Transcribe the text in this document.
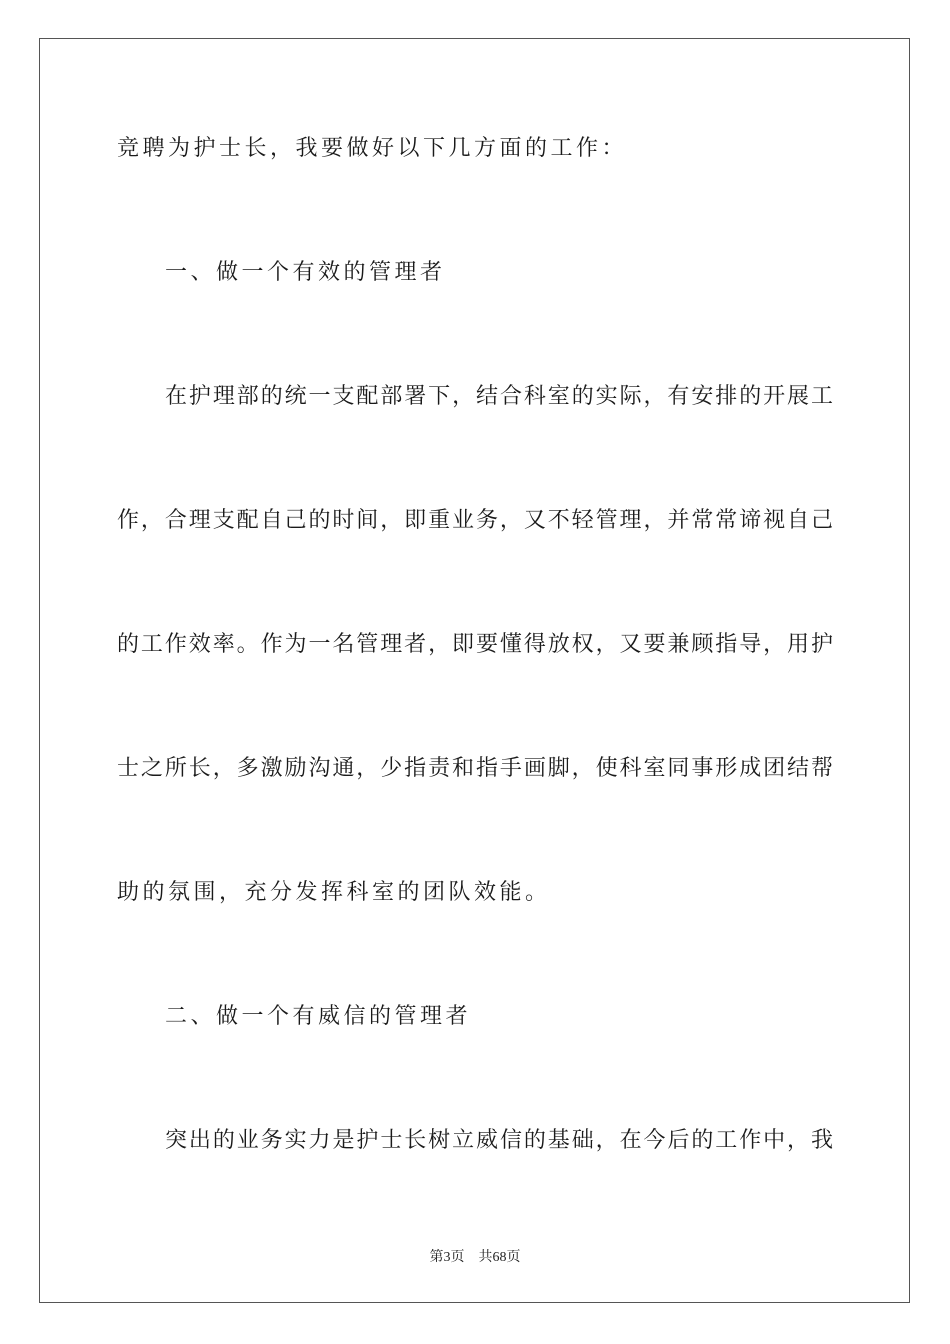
竞聘为护士长，我要做好以下几方面的工作：
一、做一个有效的管理者
在护理部的统一支配部署下，结合科室的实际，有安排的开展工
作，合理支配自己的时间，即重业务，又不轻管理，并常常谛视自己
的工作效率。作为一名管理者，即要懂得放权，又要兼顾指导，用护
士之所长，多激励沟通，少指责和指手画脚，使科室同事形成团结帮
助的氛围，充分发挥科室的团队效能。
二、做一个有威信的管理者
突出的业务实力是护士长树立威信的基础，在今后的工作中，我
第3页 共68页
